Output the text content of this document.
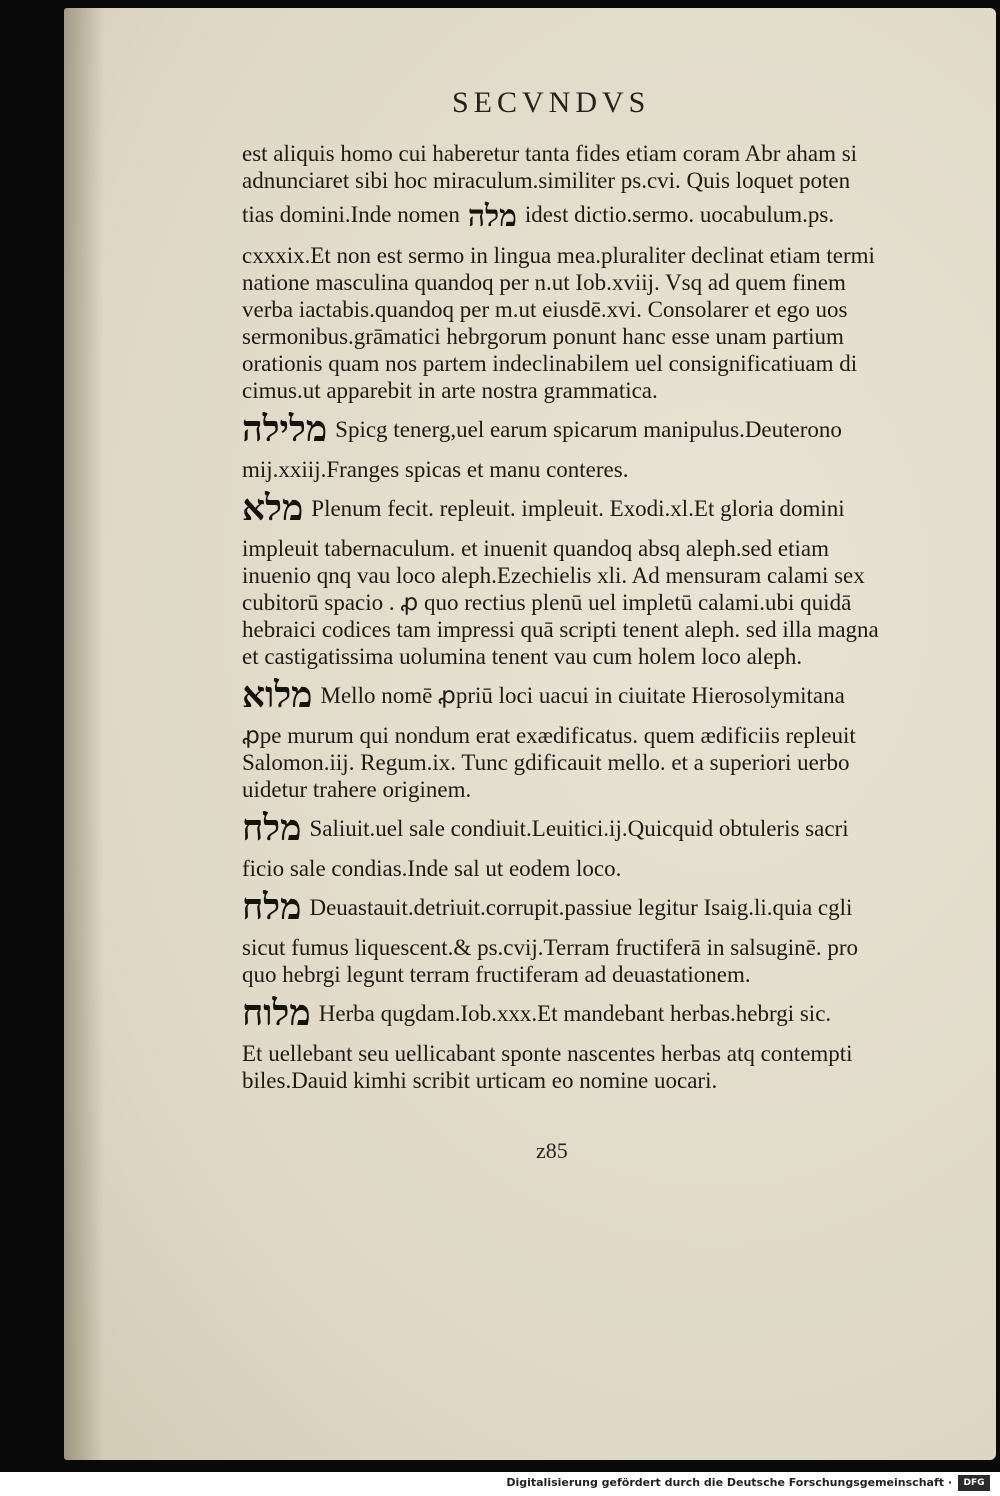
SECVNDVS
est aliquis homo cui haberetur tanta fides etiam coram Abr aham si
adnunciaret sibi hoc miraculum.similiter ps.cvi. Quis loquet poten
tias domini.Inde nomen מלה idest dictio.sermo. uocabulum.ps.
cxxxix.Et non est sermo in lingua mea.pluraliter declinat etiam termi
natione masculina quandoq per n.ut Iob.xviij. Vsq ad quem finem
verba iactabis.quandoq per m.ut eiusdē.xvi. Consolarer et ego uos
sermonibus.grāmatici hebrgorum ponunt hanc esse unam partium
orationis quam nos partem indeclinabilem uel consignificatiuam di
cimus.ut apparebit in arte nostra grammatica.
מלילה Spicg tenerg,uel earum spicarum manipulus.Deuterono
mij.xxiij.Franges spicas et manu conteres.
מלא Plenum fecit. repleuit. impleuit. Exodi.xl.Et gloria domini
impleuit tabernaculum. et inuenit quandoq absq aleph.sed etiam
inuenio qnq vau loco aleph.Ezechielis xli. Ad mensuram calami sex
cubitorū spacio . ꝓ quo rectius plenū uel impletū calami.ubi quidā
hebraici codices tam impressi quā scripti tenent aleph. sed illa magna
et castigatissima uolumina tenent vau cum holem loco aleph.
מלוא Mello nomē ꝓpriū loci uacui in ciuitate Hierosolymitana
ꝓpe murum qui nondum erat exædificatus. quem ædificiis repleuit
Salomon.iij. Regum.ix. Tunc gdificauit mello. et a superiori uerbo
uidetur trahere originem.
מלח Saliuit.uel sale condiuit.Leuitici.ij.Quicquid obtuleris sacri
ficio sale condias.Inde sal ut eodem loco.
מלח Deuastauit.detriuit.corrupit.passiue legitur Isaig.li.quia cgli
sicut fumus liquescent.& ps.cvij.Terram fructiferā in salsuginē. pro
quo hebrgi legunt terram fructiferam ad deuastationem.
מלוח Herba qugdam.Iob.xxx.Et mandebant herbas.hebrgi sic.
Et uellebant seu uellicabant sponte nascentes herbas atq contempti
biles.Dauid kimhi scribit urticam eo nomine uocari.
z85
Digitalisierung gefördert durch die Deutsche Forschungsgemeinschaft ·	DFG
